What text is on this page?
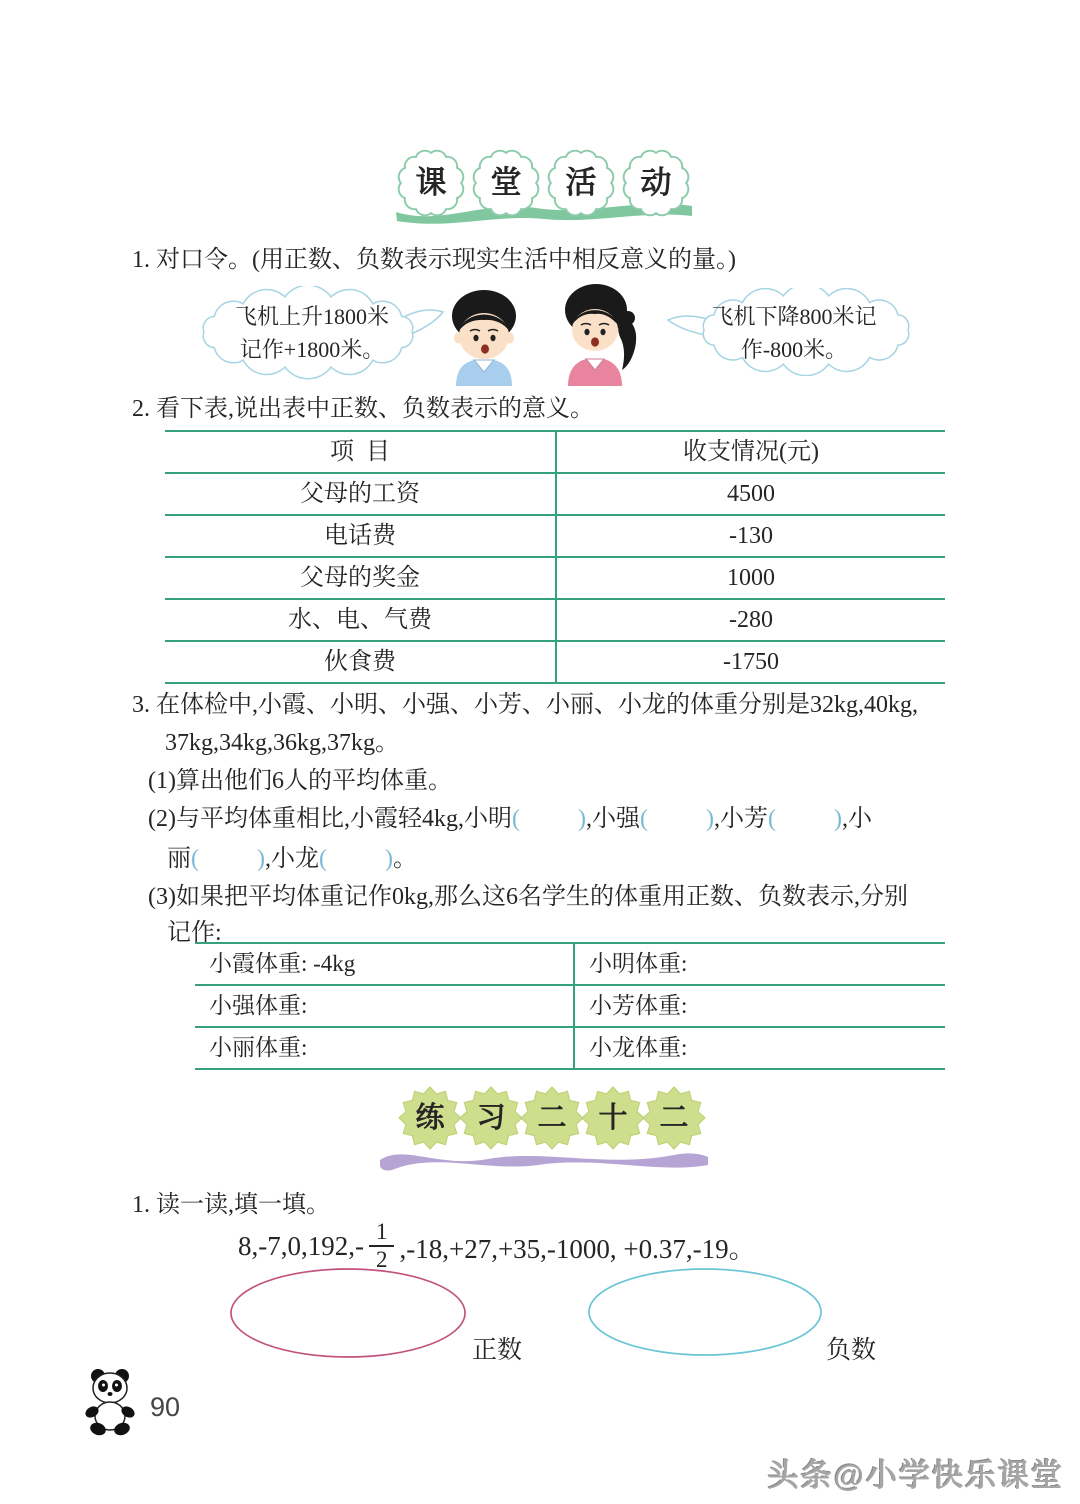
课	堂	活	动
1. 对口令。(用正数、负数表示现实生活中相反意义的量。)
飞机上升1800米
记作+1800米。
飞机下降800米记
作-800米。
2. 看下表,说出表中正数、负数表示的意义。
项  目	收支情况(元)
父母的工资	4500
电话费	-130
父母的奖金	1000
水、电、气费	-280
伙食费	-1750
3. 在体检中,小霞、小明、小强、小芳、小丽、小龙的体重分别是32kg,40kg,
37kg,34kg,36kg,37kg。
(1)算出他们6人的平均体重。
(2)与平均体重相比,小霞轻4kg,小明( ),小强( ),小芳( ),小
丽( ),小龙( )。
(3)如果把平均体重记作0kg,那么这6名学生的体重用正数、负数表示,分别
记作:
小霞体重: -4kg	小明体重:
小强体重:	小芳体重:
小丽体重:	小龙体重:
练	习	二	十	二
1. 读一读,填一填。
$8,-7,0,192,- \frac{1}{2} ,-18,+27,+35,-1000$, +0.37,-19。
正数	负数
90
头条@小学快乐课堂
